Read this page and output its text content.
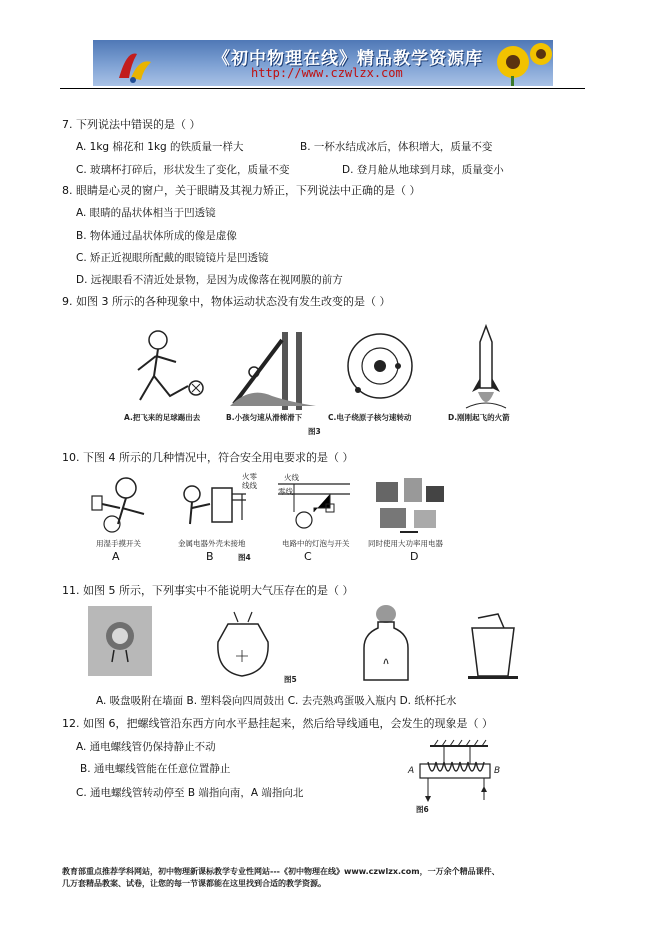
《初中物理在线》精品教学资源库
http://www.czwlzx.com
7. 下列说法中错误的是（ ）
A. 1kg 棉花和 1kg 的铁质量一样大	B. 一杯水结成冰后，体积增大，质量不变
C. 玻璃杯打碎后，形状发生了变化，质量不变	D. 登月舱从地球到月球，质量变小
8. 眼睛是心灵的窗户，关于眼睛及其视力矫正，下列说法中正确的是（ ）
A. 眼睛的晶状体相当于凹透镜
B. 物体通过晶状体所成的像是虚像
C. 矫正近视眼所配戴的眼镜镜片是凹透镜
D. 远视眼看不清近处景物，是因为成像落在视网膜的前方
9. 如图 3 所示的各种现象中，物体运动状态没有发生改变的是（ ）
A.把飞来的足球踢出去	B.小孩匀速从滑梯滑下	C.电子绕原子核匀速转动	D.刚刚起飞的火箭
图3
10. 下图 4 所示的几种情况中，符合安全用电要求的是（ ）
火零
线线
火线
零线
用湿手摸开关	金属电器外壳未接地	电路中的灯泡与开关 同时使用大功率用电器
A	B	图4	C	D
11. 如图 5 所示，下列事实中不能说明大气压存在的是（ ）
图5
A. 吸盘吸附在墙面 B. 塑料袋向四周鼓出 C. 去壳熟鸡蛋吸入瓶内 D. 纸杯托水
12. 如图 6，把螺线管沿东西方向水平悬挂起来，然后给导线通电，会发生的现象是（ ）
A. 通电螺线管仍保持静止不动
B. 通电螺线管能在任意位置静止
C. 通电螺线管转动停至 B 端指向南，A 端指向北
A	B
图6
教育部重点推荐学科网站，初中物理新课标教学专业性网站---《初中物理在线》www.czwlzx.com，一万余个精品课件、
几万套精品教案、试卷，让您的每一节课都能在这里找到合适的教学资源。
